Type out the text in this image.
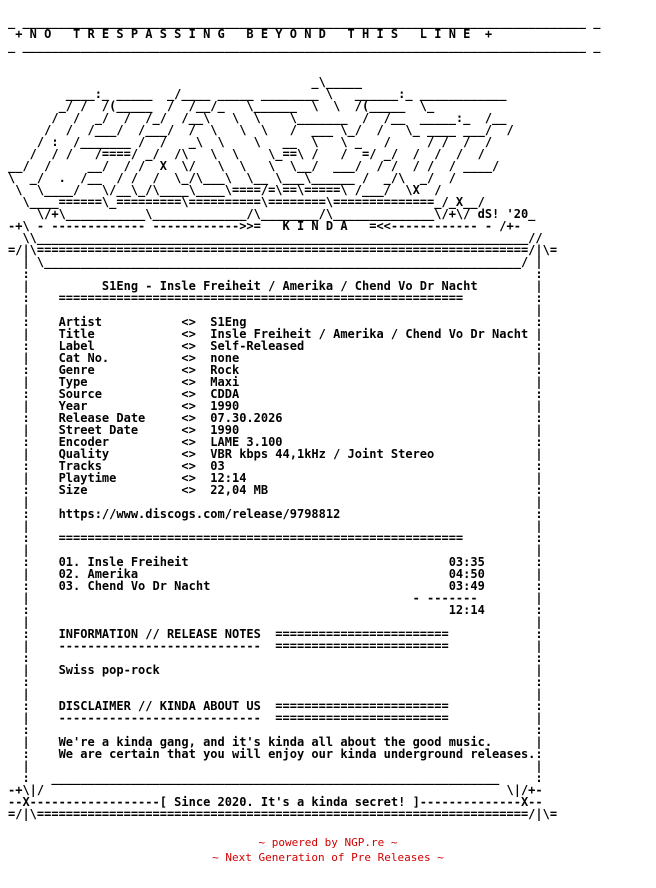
_ ______________________________________________________________________________ _
+ N O   T R E S P A S S I N G   B E Y O N D   T H I S   L I N E  +
_ ______________________________________________________________________________ _

_\_____
____:_ _____  _/____ _____ ________ \   ______:_ ____________
_/ /  /(_____  /  /__/_   \______  \  \  /(_____  \_
/  /  _/  /  /_/  /__\   \  \    \_______  /  /__  _____:_  /__
/  /  /___/  /___/  /  \   \  \   /  ___ \_/  /   \_ ____ ___/  /
/ :  /_______ /  /   _\  \    \   __  \   \ _   /     / /  /  /
/  / /   /====/ _/  /\   \  \    \_==\ /   /  =/ _/  /  /  /  /
__/  /     __/  / /  X  \/   \  \   \  \__/  ___/  / /  / /  / ____/
\  _/  .  /__  / /  /  \_/\___\  \__ \___\______ /  _/\  _/  /
\  \____/   \/__\_/\____\____\====/=\==\=====\ /___/  \X  /
\____======\_=========\==========\========\==============_/_X__/
\/+\___________\_____________/\________/\______________\/+\/ dS! '20_
-+\ - ------------- ------------>>=   K I N D A   =<<------------ - /+-
\\____________________________________________________________________//
=/|\====================================================================/|\=
| \__________________________________________________________________/ |
:                                                                      :
|          S1Eng - Insle Freiheit / Amerika / Chend Vo Dr Nacht        |
:    ========================================================          :
|                                                                      |
:    Artist           <>  S1Eng                                        :
|    Title            <>  Insle Freiheit / Amerika / Chend Vo Dr Nacht |
:    Label            <>  Self-Released                                :
|    Cat No.          <>  none                                         |
:    Genre            <>  Rock                                         :
|    Type             <>  Maxi                                         |
:    Source           <>  CDDA                                         :
|    Year             <>  1990                                         |
:    Release Date     <>  07.30.2026                                   :
|    Street Date      <>  1990                                         |
:    Encoder          <>  LAME 3.100                                   :
|    Quality          <>  VBR kbps 44,1kHz / Joint Stereo              |
:    Tracks           <>  03                                           :
|    Playtime         <>  12:14                                        |
:    Size             <>  22,04 MB                                     :
|                                                                      |
:    https://www.discogs.com/release/9798812                           :
|                                                                      |
:    ========================================================          :
|                                                                      |
:    01. Insle Freiheit                                    03:35       :
|    02. Amerika                                           04:50       |
:    03. Chend Vo Dr Nacht                                 03:49       :
|                                                     - -------        |
:                                                          12:14       :
|                                                                      |
:    INFORMATION // RELEASE NOTES  ========================            :
|    ----------------------------  ========================            |
:                                                                      :
|    Swiss pop-rock                                                    |
:                                                                      :
|                                                                      |
:    DISCLAIMER // KINDA ABOUT US  ========================            :
|    ----------------------------  ========================            |
:                                                                      :
|    We're a kinda gang, and it's kinda all about the good music.      |
:    We are certain that you will enjoy our kinda underground releases.:
|                                                                      |
:   ______________________________________________________________     :
-+\|/                                                                \|/+-
--X------------------[ Since 2020. It's a kinda secret! ]--------------X--
=/|\====================================================================/|\=
~ powered by NGP.re ~
~ Next Generation of Pre Releases ~
